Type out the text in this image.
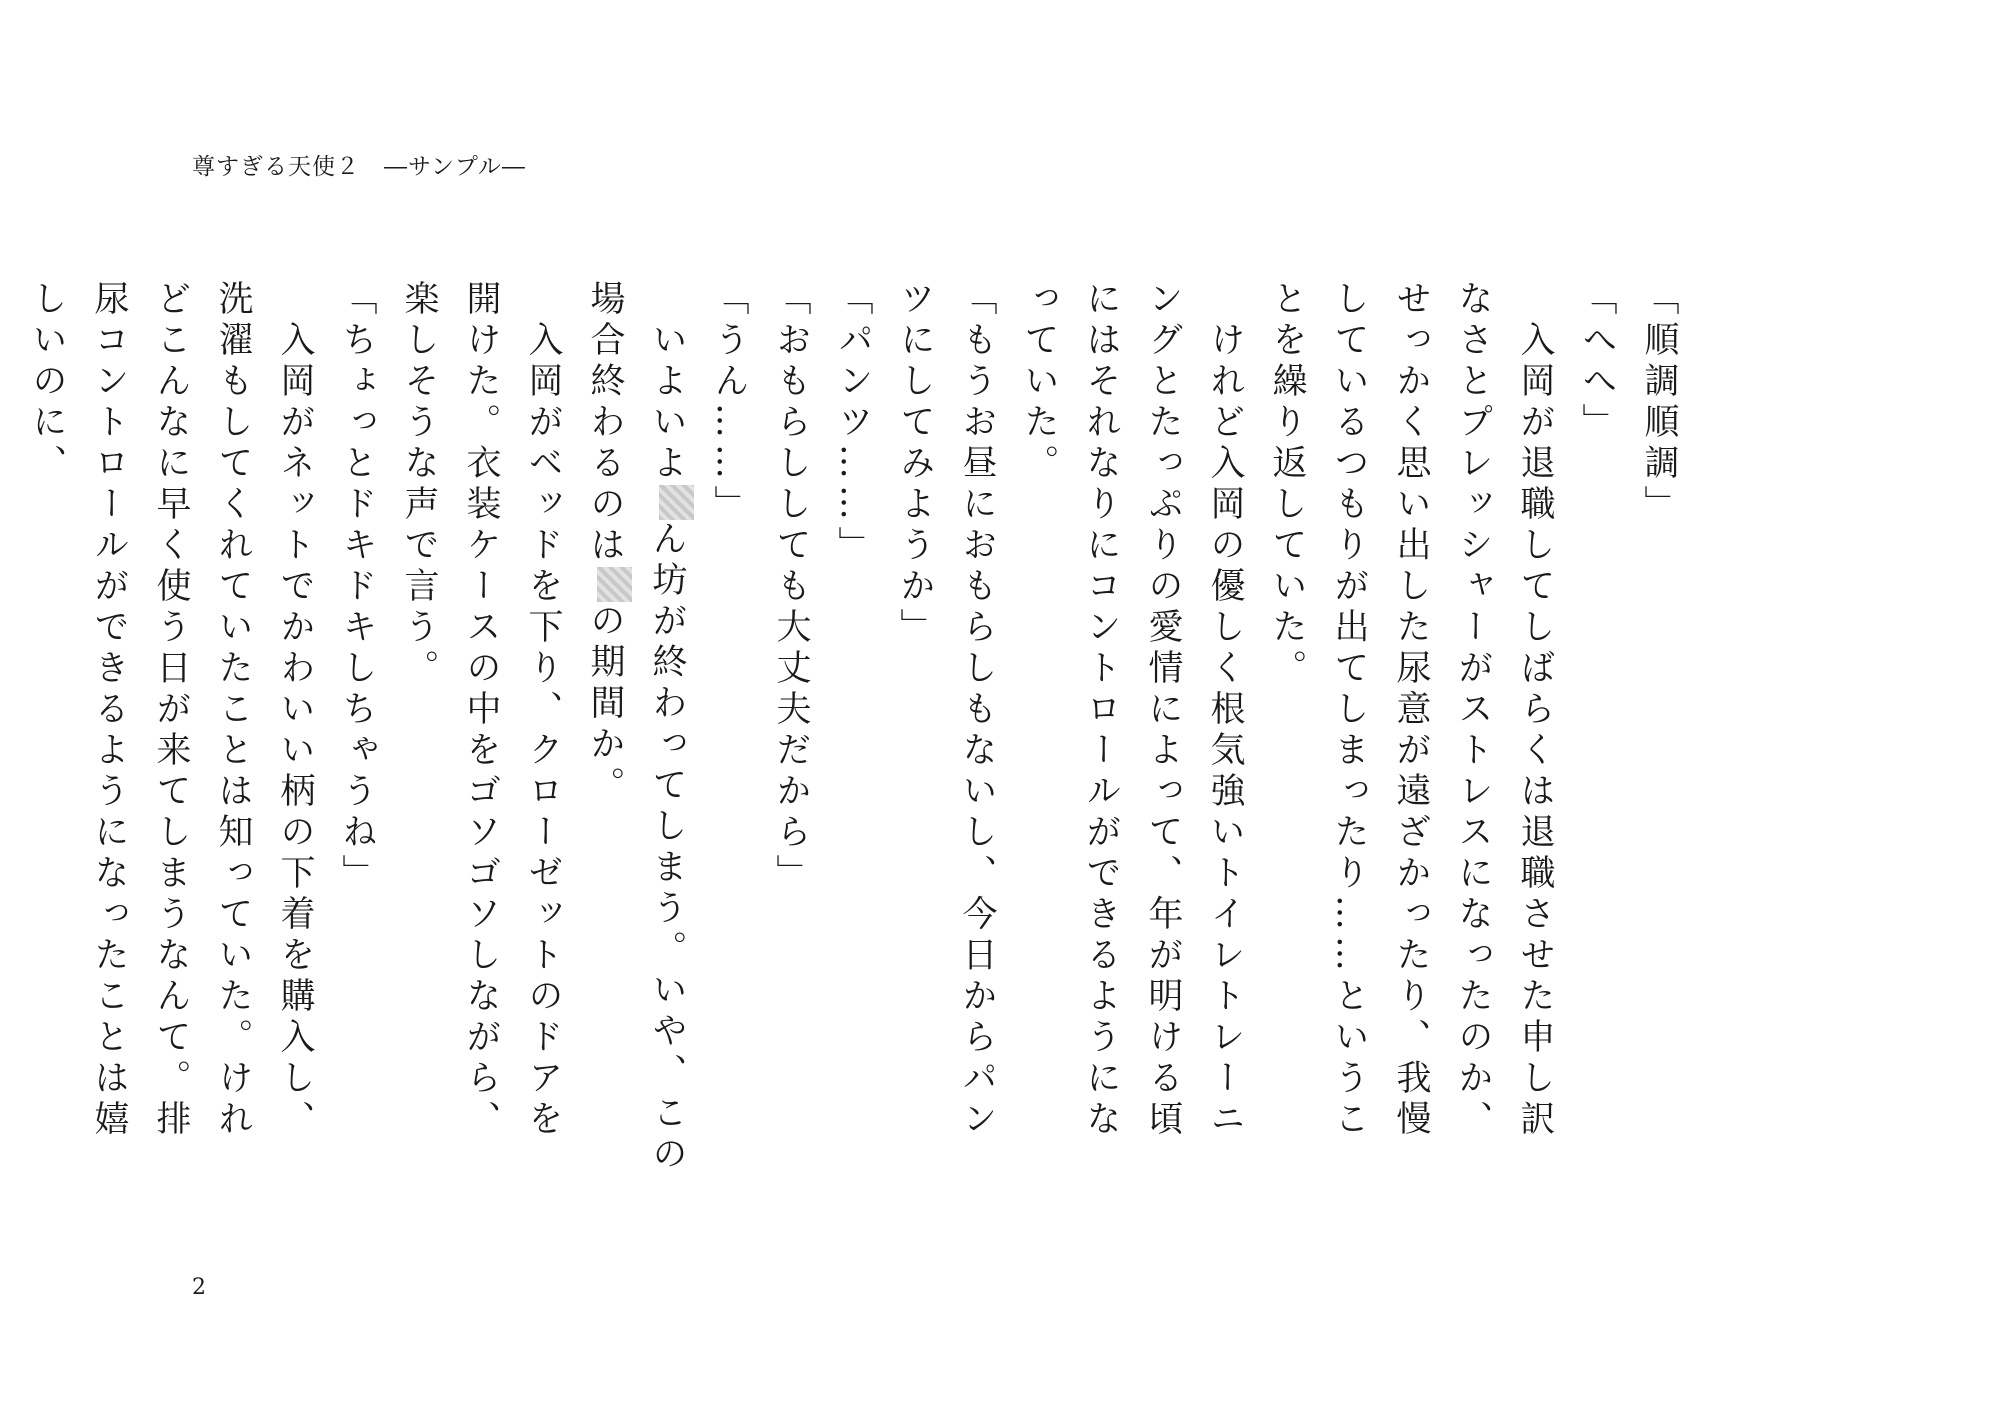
尊すぎる天使２　―サンプル―

「順調順調」

「へへ」

入岡が退職してしばらくは退職させた申し訳なさとプレッシャーがストレスになったのか、せっかく思い出した尿意が遠ざかったり、我慢しているつもりが出てしまったり……ということを繰り返していた。

けれど入岡の優しく根気強いトイレトレーニングとたっぷりの愛情によって、年が明ける頃にはそれなりにコントロールができるようになっていた。

「もうお昼におもらしもないし、今日からパンツにしてみようか」

「パンツ……」

「おもらししても大丈夫だから」

「うん……」

いよいよん坊が終わってしまう。いや、この場合終わるのはの期間か。

入岡がベッドを下り、クローゼットのドアを開けた。衣装ケースの中をゴソゴソしながら、楽しそうな声で言う。

「ちょっとドキドキしちゃうね」

入岡がネットでかわいい柄の下着を購入し、洗濯もしてくれていたことは知っていた。けれどこんなに早く使う日が来てしまうなんて。排尿コントロールができるようになったことは嬉しいのに、

2
